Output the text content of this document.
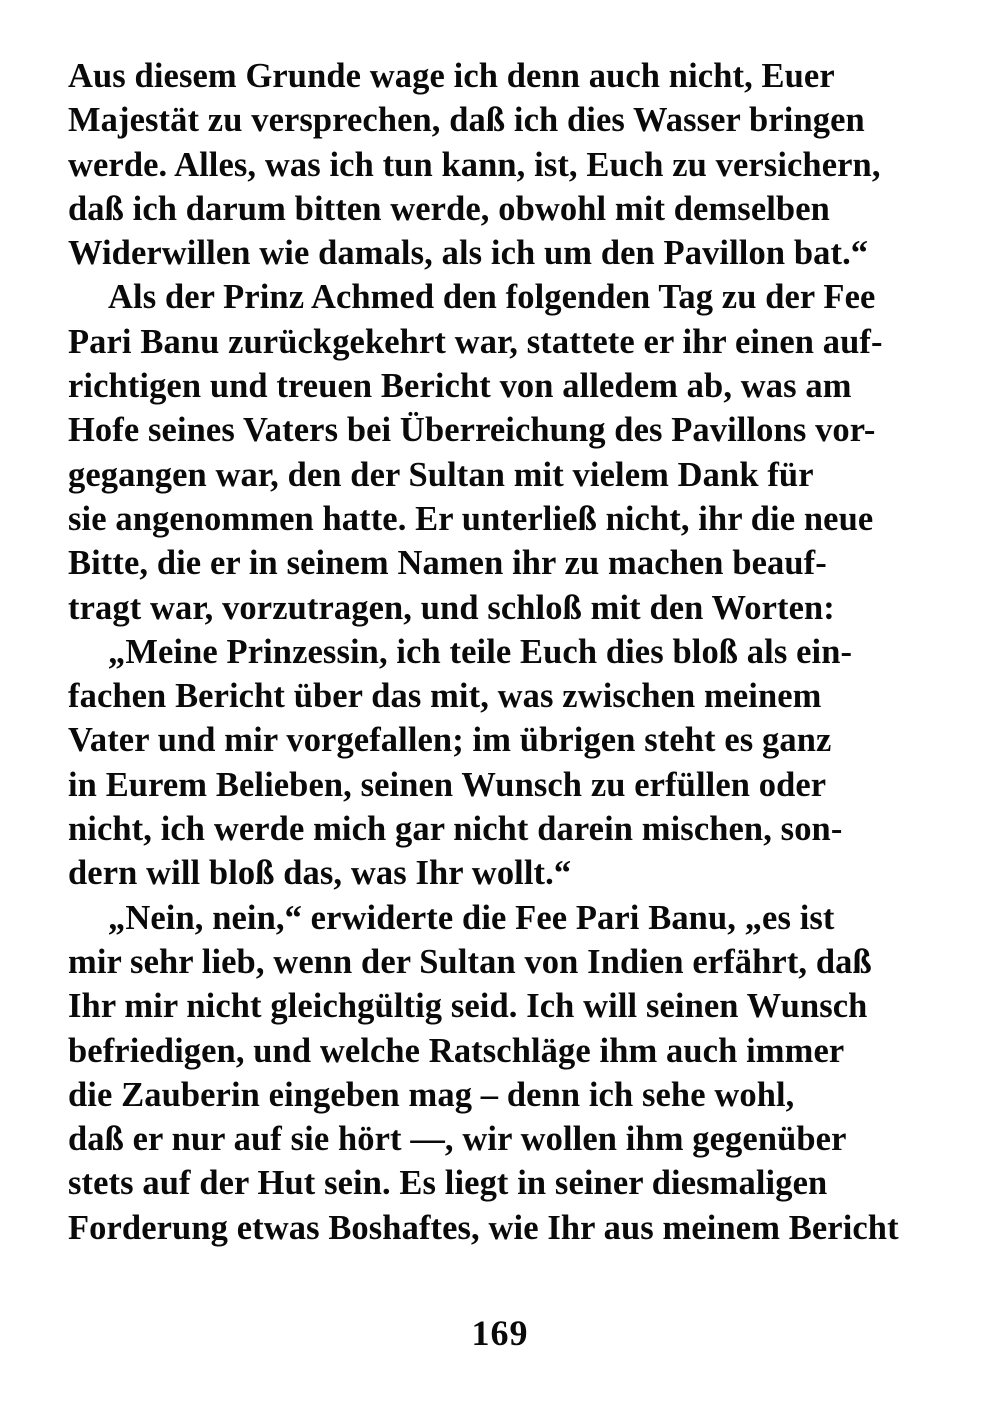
Aus diesem Grunde wage ich denn auch nicht, Euer
Majestät zu versprechen, daß ich dies Wasser bringen
werde. Alles, was ich tun kann, ist, Euch zu versichern,
daß ich darum bitten werde, obwohl mit demselben
Widerwillen wie damals, als ich um den Pavillon bat.“

Als der Prinz Achmed den folgenden Tag zu der Fee
Pari Banu zurückgekehrt war, stattete er ihr einen auf-
richtigen und treuen Bericht von alledem ab, was am
Hofe seines Vaters bei Überreichung des Pavillons vor-
gegangen war, den der Sultan mit vielem Dank für
sie angenommen hatte. Er unterließ nicht, ihr die neue
Bitte, die er in seinem Namen ihr zu machen beauf-
tragt war, vorzutragen, und schloß mit den Worten:

„Meine Prinzessin, ich teile Euch dies bloß als ein-
fachen Bericht über das mit, was zwischen meinem
Vater und mir vorgefallen; im übrigen steht es ganz
in Eurem Belieben, seinen Wunsch zu erfüllen oder
nicht, ich werde mich gar nicht darein mischen, son-
dern will bloß das, was Ihr wollt.“

„Nein, nein,“ erwiderte die Fee Pari Banu, „es ist
mir sehr lieb, wenn der Sultan von Indien erfährt, daß
Ihr mir nicht gleichgültig seid. Ich will seinen Wunsch
befriedigen, und welche Ratschläge ihm auch immer
die Zauberin eingeben mag – denn ich sehe wohl,
daß er nur auf sie hört —, wir wollen ihm gegenüber
stets auf der Hut sein. Es liegt in seiner diesmaligen
Forderung etwas Boshaftes, wie Ihr aus meinem Bericht

169
